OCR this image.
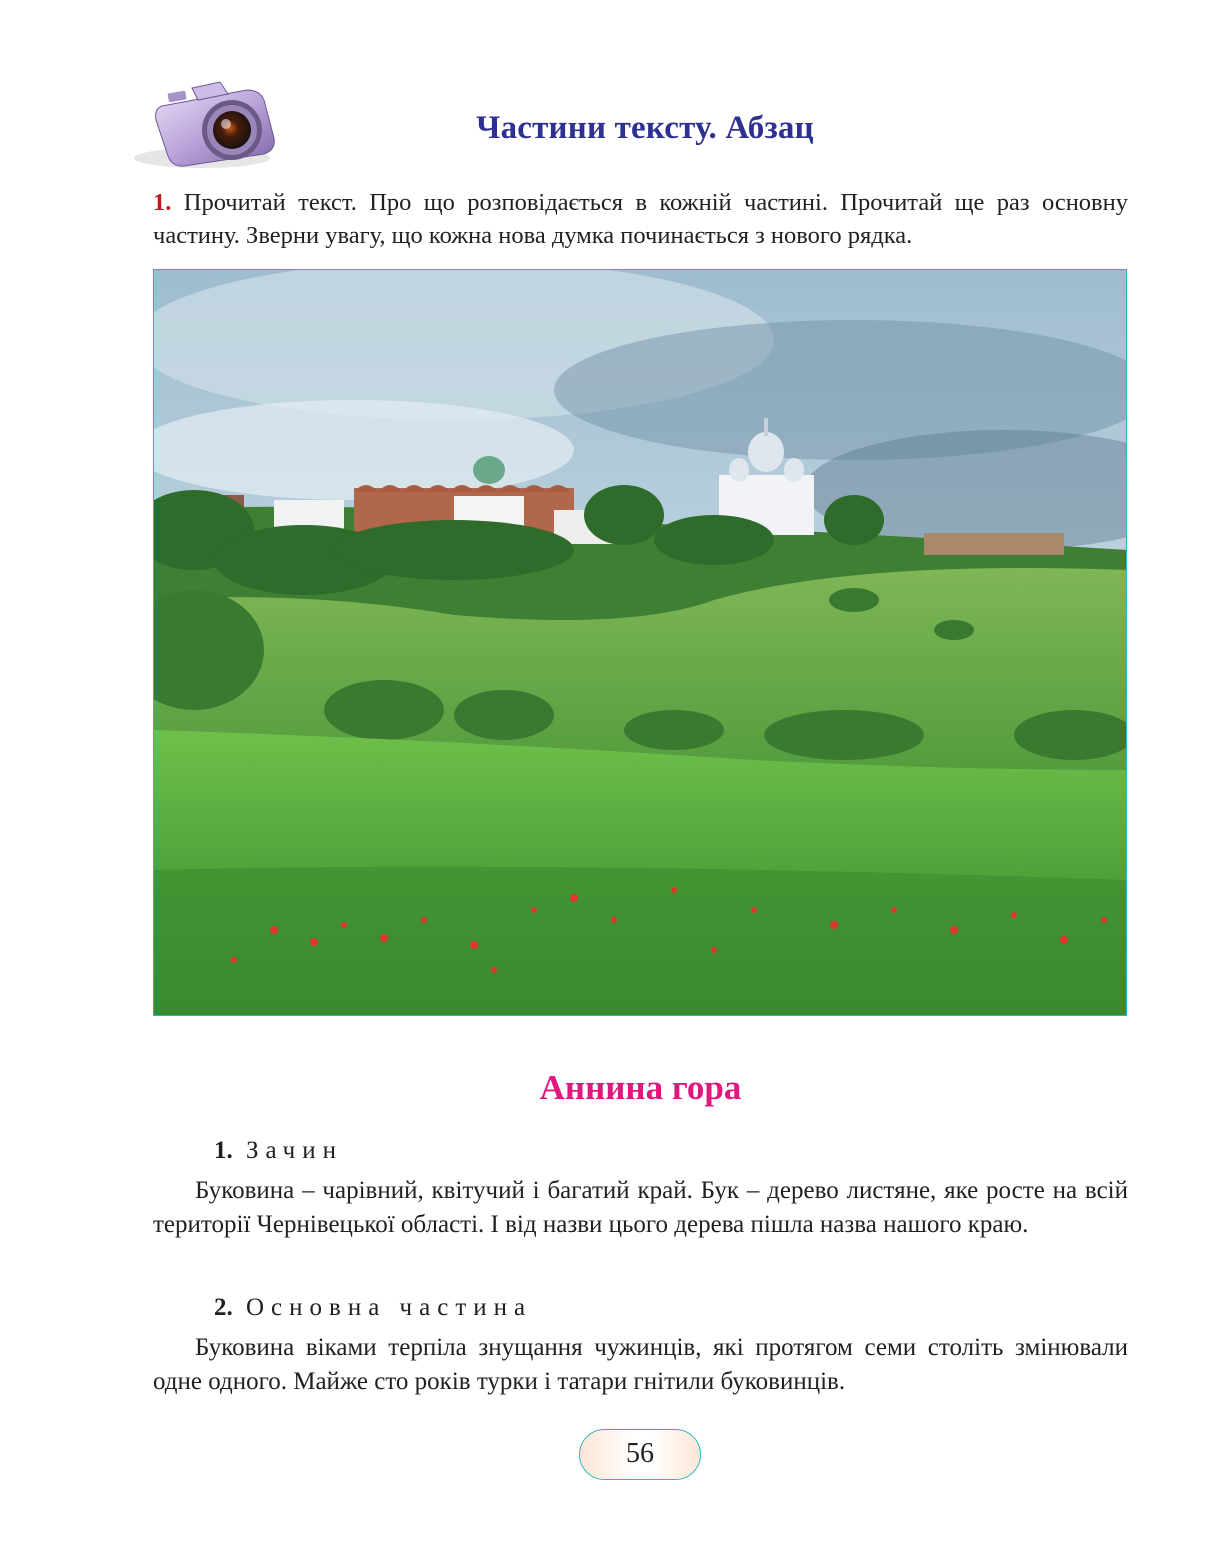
Частини тексту. Абзац
1. Прочитай текст. Про що розповідається в кожній частині. Прочитай ще раз основну частину. Зверни увагу, що кожна нова думка починається з нового рядка.
Аннина гора
1. Зачин
Буковина – чарівний, квітучий і багатий край. Бук – дерево листяне, яке росте на всій території Чернівецької області. І від назви цього дерева пішла назва нашого краю.
2. Основна частина
Буковина віками терпіла знущання чужинців, які протягом семи століть змінювали одне одного. Майже сто років турки і татари гнітили буковинців.
56
